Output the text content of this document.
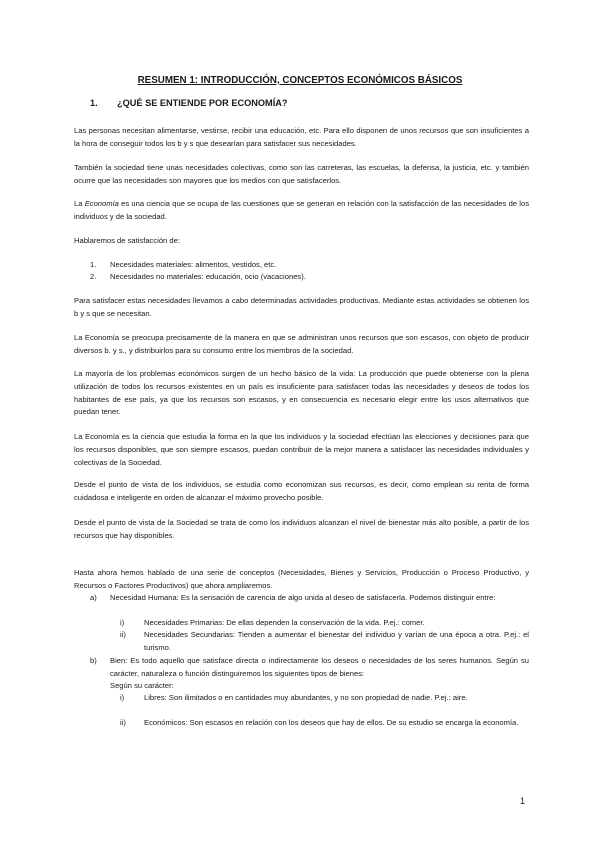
RESUMEN 1: INTRODUCCIÓN, CONCEPTOS ECONÓMICOS BÁSICOS
1. ¿QUÉ SE ENTIENDE POR ECONOMÍA?
Las personas necesitan alimentarse, vestirse, recibir una educación, etc. Para ello disponen de unos recursos que son insuficientes a la hora de conseguir todos los b y s que desearían para satisfacer sus necesidades.
También la sociedad tiene unas necesidades colectivas, como son las carreteras, las escuelas, la defensa, la justicia, etc. y también ocurre que las necesidades son mayores que los medios con que satisfacerlos.
La Economía es una ciencia que se ocupa de las cuestiones que se generan en relación con la satisfacción de las necesidades de los individuos y de la sociedad.
Hablaremos de satisfacción de:
1. Necesidades materiales: alimentos, vestidos, etc.
2. Necesidades no materiales: educación, ocio (vacaciones).
Para satisfacer estas necesidades llevamos a cabo determinadas actividades productivas. Mediante estas actividades se obtienen los b y s que se necesitan.
La Economía se preocupa precisamente de la manera en que se administran unos recursos que son escasos, con objeto de producir diversos b. y s., y distribuirlos para su consumo entre los miembros de la sociedad.
La mayoría de los problemas económicos surgen de un hecho básico de la vida: La producción que puede obtenerse con la plena utilización de todos los recursos existentes en un país es insuficiente para satisfacer todas las necesidades y deseos de todos los habitantes de ese país, ya que los recursos son escasos, y en consecuencia es necesario elegir entre los usos alternativos que puedan tener.
La Economía es la ciencia que estudia la forma en la que los individuos y la sociedad efectúan las elecciones y decisiones para que los recursos disponibles, que son siempre escasos, puedan contribuir de la mejor manera a satisfacer las necesidades individuales y colectivas de la Sociedad.
Desde el punto de vista de los individuos, se estudia como economizan sus recursos, es decir, como emplean su renta de forma cuidadosa e inteligente en orden de alcanzar el máximo provecho posible.
Desde el punto de vista de la Sociedad se trata de como los individuos alcanzan el nivel de bienestar más alto posible, a partir de los recursos que hay disponibles.
Hasta ahora hemos hablado de una serie de conceptos (Necesidades, Bienes y Servicios, Producción o Proceso Productivo, y Recursos o Factores Productivos) que ahora ampliaremos.
a) Necesidad Humana: Es la sensación de carencia de algo unida al deseo de satisfacerla. Podemos distinguir entre:
i)	Necesidades Primarias: De ellas dependen la conservación de la vida. P.ej.: comer.
ii) Necesidades Secundarias: Tienden a aumentar el bienestar del individuo y varían de una época a otra. P.ej.: el turismo.
b) Bien: Es todo aquello que satisface directa o indirectamente los deseos o necesidades de los seres humanos. Según su carácter, naturaleza o función distinguiremos los siguientes tipos de bienes:
Según su carácter:
i)	Libres: Son ilimitados o en cantidades muy abundantes, y no son propiedad de nadie. P.ej.: aire.
ii) Económicos: Son escasos en relación con los deseos que hay de ellos. De su estudio se encarga la economía.
1
